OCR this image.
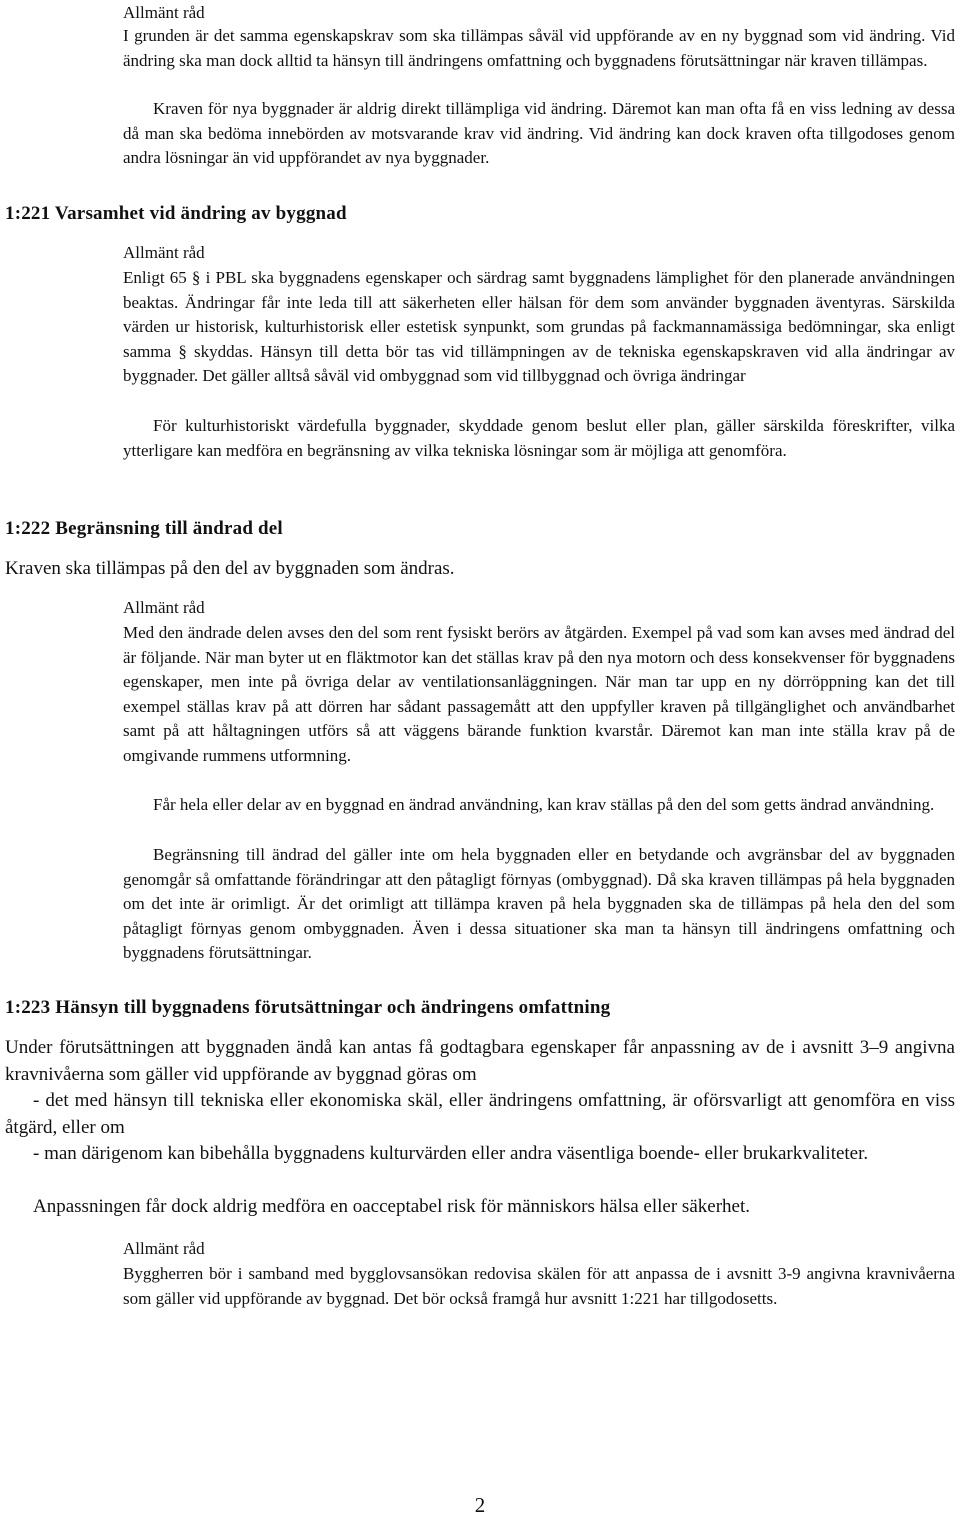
Allmänt råd

I grunden är det samma egenskapskrav som ska tillämpas såväl vid uppförande av en ny byggnad som vid ändring. Vid ändring ska man dock alltid ta hänsyn till ändringens omfattning och byggnadens förutsättningar när kraven tillämpas.

Kraven för nya byggnader är aldrig direkt tillämpliga vid ändring. Däremot kan man ofta få en viss ledning av dessa då man ska bedöma innebörden av motsvarande krav vid ändring. Vid ändring kan dock kraven ofta tillgodoses genom andra lösningar än vid uppförandet av nya byggnader.

1:221 Varsamhet vid ändring av byggnad

Allmänt råd

Enligt 65 § i PBL ska byggnadens egenskaper och särdrag samt byggnadens lämplighet för den planerade användningen beaktas. Ändringar får inte leda till att säkerheten eller hälsan för dem som använder byggnaden äventyras. Särskilda värden ur historisk, kulturhistorisk eller estetisk synpunkt, som grundas på fackmannamässiga bedömningar, ska enligt samma § skyddas. Hänsyn till detta bör tas vid tillämpningen av de tekniska egenskapskraven vid alla ändringar av byggnader. Det gäller alltså såväl vid ombyggnad som vid tillbyggnad och övriga ändringar

För kulturhistoriskt värdefulla byggnader, skyddade genom beslut eller plan, gäller särskilda föreskrifter, vilka ytterligare kan medföra en begränsning av vilka tekniska lösningar som är möjliga att genomföra.

1:222 Begränsning till ändrad del

Kraven ska tillämpas på den del av byggnaden som ändras.

Allmänt råd

Med den ändrade delen avses den del som rent fysiskt berörs av åtgärden. Exempel på vad som kan avses med ändrad del är följande. När man byter ut en fläktmotor kan det ställas krav på den nya motorn och dess konsekvenser för byggnadens egenskaper, men inte på övriga delar av ventilationsanläggningen. När man tar upp en ny dörröppning kan det till exempel ställas krav på att dörren har sådant passagemått att den uppfyller kraven på tillgänglighet och användbarhet samt på att håltagningen utförs så att väggens bärande funktion kvarstår. Däremot kan man inte ställa krav på de omgivande rummens utformning.

Får hela eller delar av en byggnad en ändrad användning, kan krav ställas på den del som getts ändrad användning.

Begränsning till ändrad del gäller inte om hela byggnaden eller en betydande och avgränsbar del av byggnaden genomgår så omfattande förändringar att den påtagligt förnyas (ombyggnad). Då ska kraven tillämpas på hela byggnaden om det inte är orimligt. Är det orimligt att tillämpa kraven på hela byggnaden ska de tillämpas på hela den del som påtagligt förnyas genom ombyggnaden. Även i dessa situationer ska man ta hänsyn till ändringens omfattning och byggnadens förutsättningar.

1:223 Hänsyn till byggnadens förutsättningar och ändringens omfattning

Under förutsättningen att byggnaden ändå kan antas få godtagbara egenskaper får anpassning av de i avsnitt 3–9 angivna kravnivåerna som gäller vid uppförande av byggnad göras om

- det med hänsyn till tekniska eller ekonomiska skäl, eller ändringens omfattning, är oförsvarligt att genomföra en viss åtgärd, eller om

- man därigenom kan bibehålla byggnadens kulturvärden eller andra väsentliga boende- eller brukarkvaliteter.

Anpassningen får dock aldrig medföra en oacceptabel risk för människors hälsa eller säkerhet.

Allmänt råd

Byggherren bör i samband med bygglovsansökan redovisa skälen för att anpassa de i avsnitt 3-9 angivna kravnivåerna som gäller vid uppförande av byggnad. Det bör också framgå hur avsnitt 1:221 har tillgodosetts.

2
